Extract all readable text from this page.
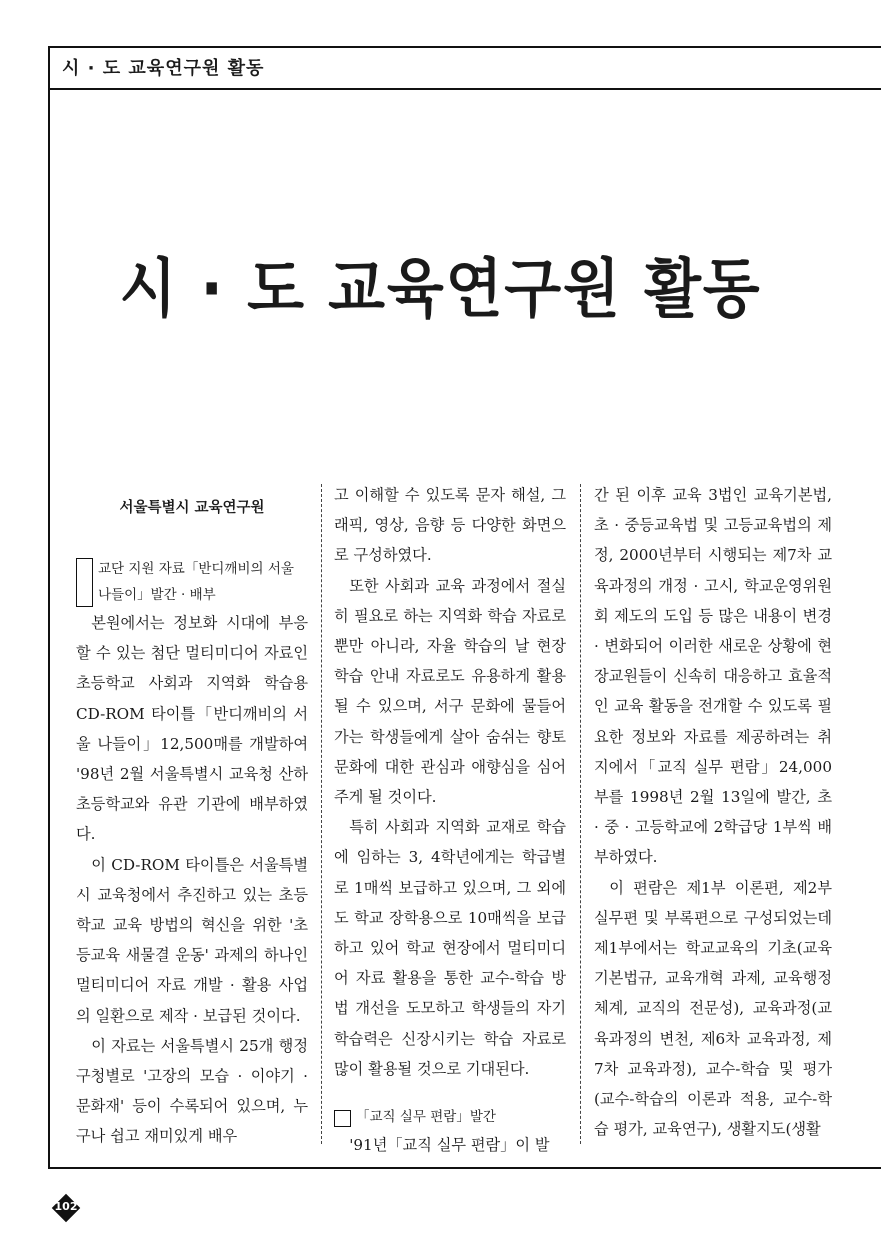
시 · 도 교육연구원 활동
시 · 도 교육연구원 활동
서울특별시 교육연구원
교단 지원 자료「반디깨비의 서울
나들이」발간 · 배부

본원에서는 정보화 시대에 부응할 수 있는 첨단 멀티미디어 자료인 초등학교 사회과 지역화 학습용 CD-ROM 타이틀「반디깨비의 서울 나들이」12,500매를 개발하여 '98년 2월 서울특별시 교육청 산하 초등학교와 유관 기관에 배부하였다.

이 CD-ROM 타이틀은 서울특별시 교육청에서 추진하고 있는 초등학교 교육 방법의 혁신을 위한 '초등교육 새물결 운동' 과제의 하나인 멀티미디어 자료 개발 · 활용 사업의 일환으로 제작 · 보급된 것이다.

이 자료는 서울특별시 25개 행정 구청별로 '고장의 모습 · 이야기 · 문화재' 등이 수록되어 있으며, 누구나 쉽고 재미있게 배우

고 이해할 수 있도록 문자 해설, 그래픽, 영상, 음향 등 다양한 화면으로 구성하였다.

또한 사회과 교육 과정에서 절실히 필요로 하는 지역화 학습 자료로 뿐만 아니라, 자율 학습의 날 현장 학습 안내 자료로도 유용하게 활용될 수 있으며, 서구 문화에 물들어 가는 학생들에게 살아 숨쉬는 향토문화에 대한 관심과 애향심을 심어주게 될 것이다.

특히 사회과 지역화 교재로 학습에 임하는 3, 4학년에게는 학급별로 1매씩 보급하고 있으며, 그 외에도 학교 장학용으로 10매씩을 보급하고 있어 학교 현장에서 멀티미디어 자료 활용을 통한 교수-학습 방법 개선을 도모하고 학생들의 자기 학습력은 신장시키는 학습 자료로 많이 활용될 것으로 기대된다.

「교직 실무 편람」발간

'91년「교직 실무 편람」이 발

간 된 이후 교육 3법인 교육기본법, 초 · 중등교육법 및 고등교육법의 제정, 2000년부터 시행되는 제7차 교육과정의 개정 · 고시, 학교운영위원회 제도의 도입 등 많은 내용이 변경 · 변화되어 이러한 새로운 상황에 현장교원들이 신속히 대응하고 효율적인 교육 활동을 전개할 수 있도록 필요한 정보와 자료를 제공하려는 취지에서「교직 실무 편람」24,000부를 1998년 2월 13일에 발간, 초 · 중 · 고등학교에 2학급당 1부씩 배부하였다.

이 편람은 제1부 이론편, 제2부 실무편 및 부록편으로 구성되었는데 제1부에서는 학교교육의 기초(교육기본법규, 교육개혁 과제, 교육행정 체계, 교직의 전문성), 교육과정(교육과정의 변천, 제6차 교육과정, 제7차 교육과정), 교수-학습 및 평가(교수-학습의 이론과 적용, 교수-학습 평가, 교육연구), 생활지도(생활

102
